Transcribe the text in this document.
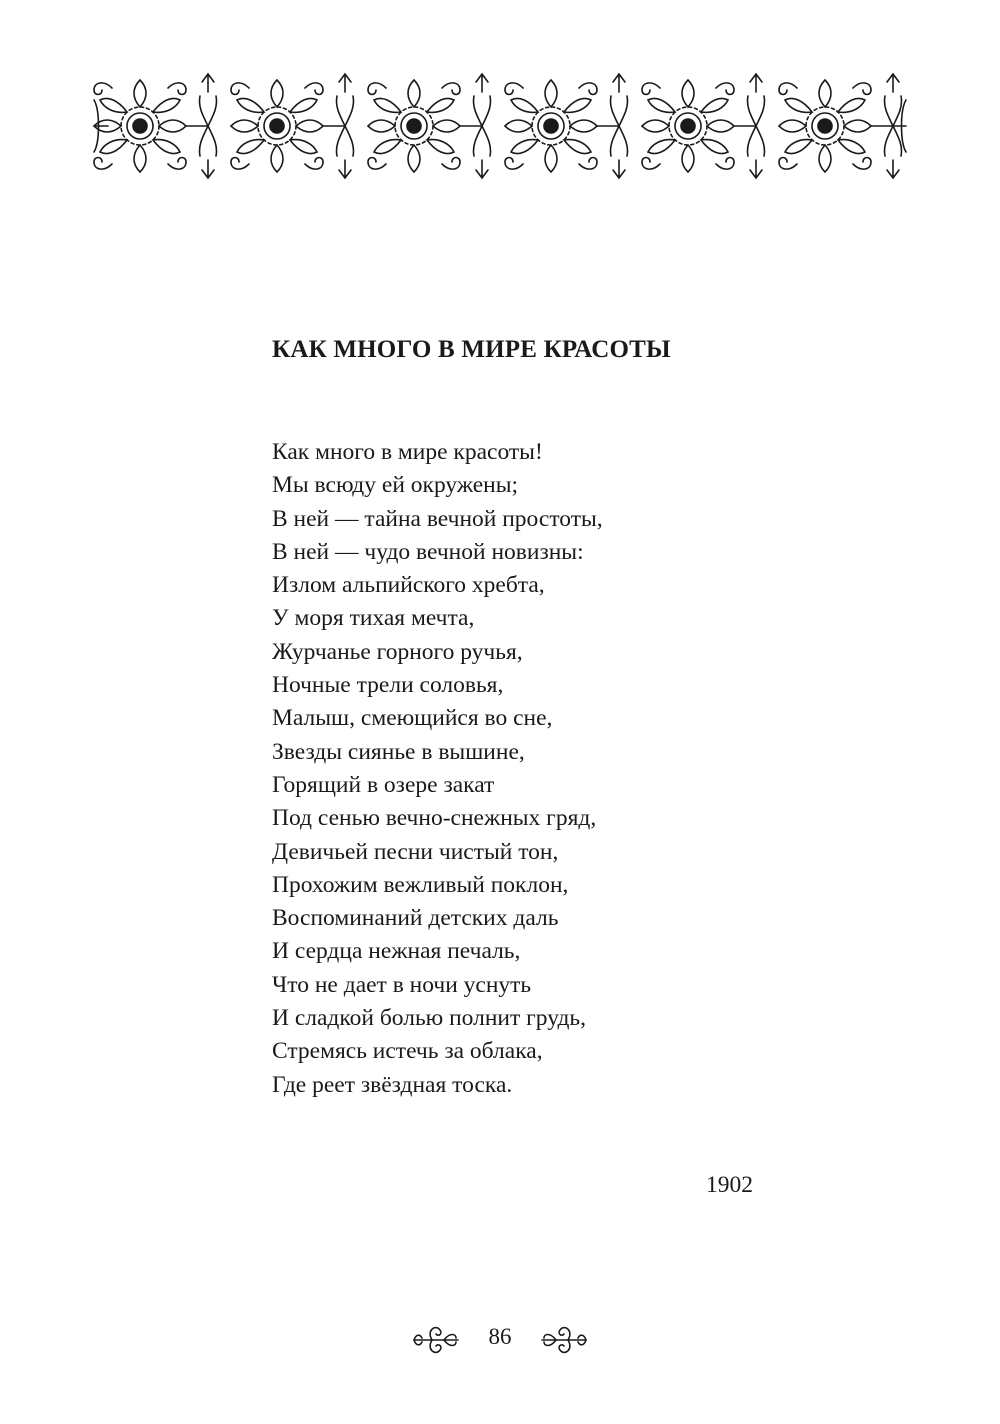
КАК МНОГО В МИРЕ КРАСОТЫ
Как много в мире красоты!
Мы всюду ей окружены;
В ней — тайна вечной простоты,
В ней — чудо вечной новизны:
Излом альпийского хребта,
У моря тихая мечта,
Журчанье горного ручья,
Ночные трели соловья,
Малыш, смеющийся во сне,
Звезды сиянье в вышине,
Горящий в озере закат
Под сенью вечно-снежных гряд,
Девичьей песни чистый тон,
Прохожим вежливый поклон,
Воспоминаний детских даль
И сердца нежная печаль,
Что не дает в ночи уснуть
И сладкой болью полнит грудь,
Стремясь истечь за облака,
Где реет звёздная тоска.
1902
86
